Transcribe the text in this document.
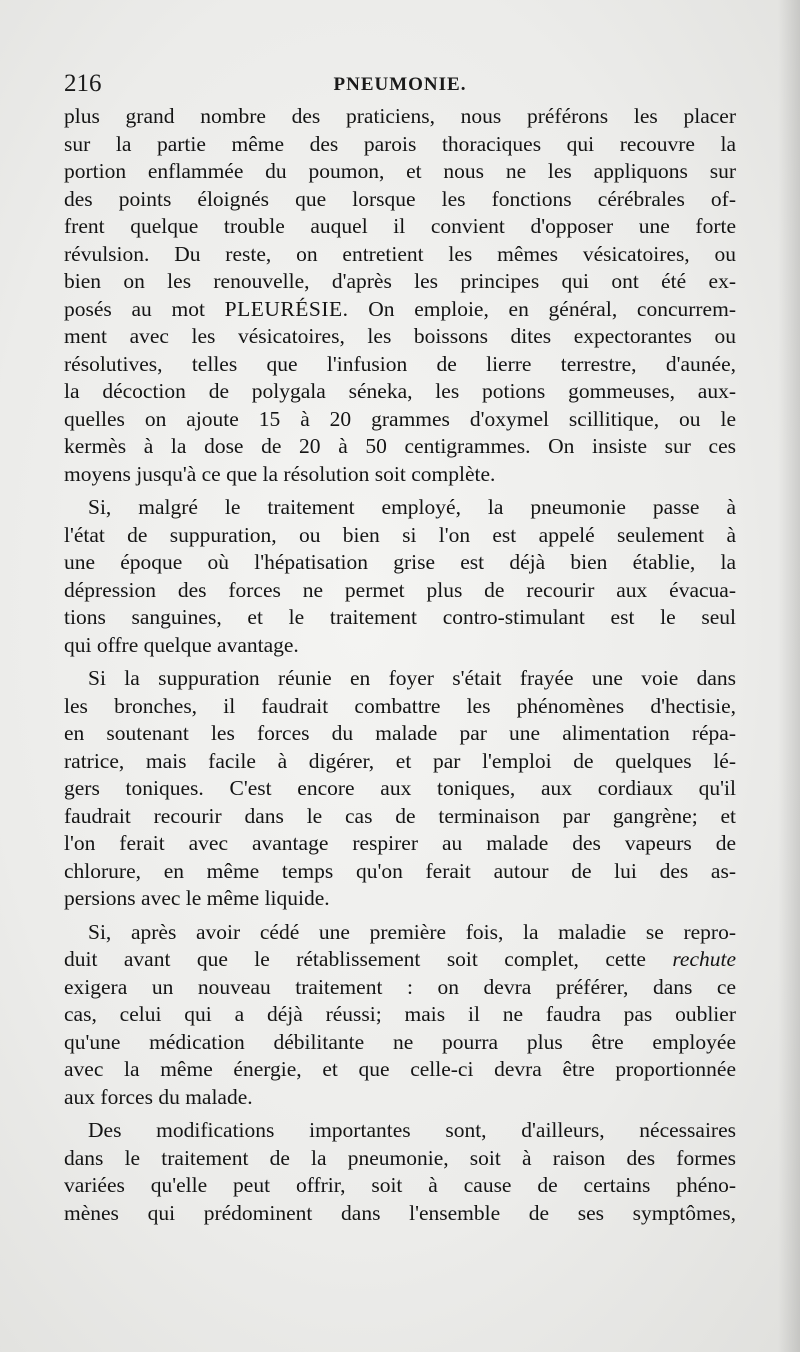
216	PNEUMONIE.
plus grand nombre des praticiens, nous préférons les placer
sur la partie même des parois thoraciques qui recouvre la
portion enflammée du poumon, et nous ne les appliquons sur
des points éloignés que lorsque les fonctions cérébrales of-
frent quelque trouble auquel il convient d'opposer une forte
révulsion. Du reste, on entretient les mêmes vésicatoires, ou
bien on les renouvelle, d'après les principes qui ont été ex-
posés au mot PLEURÉSIE. On emploie, en général, concurrem-
ment avec les vésicatoires, les boissons dites expectorantes ou
résolutives, telles que l'infusion de lierre terrestre, d'aunée,
la décoction de polygala séneka, les potions gommeuses, aux-
quelles on ajoute 15 à 20 grammes d'oxymel scillitique, ou le
kermès à la dose de 20 à 50 centigrammes. On insiste sur ces
moyens jusqu'à ce que la résolution soit complète.
Si, malgré le traitement employé, la pneumonie passe à
l'état de suppuration, ou bien si l'on est appelé seulement à
une époque où l'hépatisation grise est déjà bien établie, la
dépression des forces ne permet plus de recourir aux évacua-
tions sanguines, et le traitement contro-stimulant est le seul
qui offre quelque avantage.
Si la suppuration réunie en foyer s'était frayée une voie dans
les bronches, il faudrait combattre les phénomènes d'hectisie,
en soutenant les forces du malade par une alimentation répa-
ratrice, mais facile à digérer, et par l'emploi de quelques lé-
gers toniques. C'est encore aux toniques, aux cordiaux qu'il
faudrait recourir dans le cas de terminaison par gangrène; et
l'on ferait avec avantage respirer au malade des vapeurs de
chlorure, en même temps qu'on ferait autour de lui des as-
persions avec le même liquide.
Si, après avoir cédé une première fois, la maladie se repro-
duit avant que le rétablissement soit complet, cette rechute
exigera un nouveau traitement : on devra préférer, dans ce
cas, celui qui a déjà réussi; mais il ne faudra pas oublier
qu'une médication débilitante ne pourra plus être employée
avec la même énergie, et que celle-ci devra être proportionnée
aux forces du malade.
Des modifications importantes sont, d'ailleurs, nécessaires
dans le traitement de la pneumonie, soit à raison des formes
variées qu'elle peut offrir, soit à cause de certains phéno-
mènes qui prédominent dans l'ensemble de ses symptômes,
